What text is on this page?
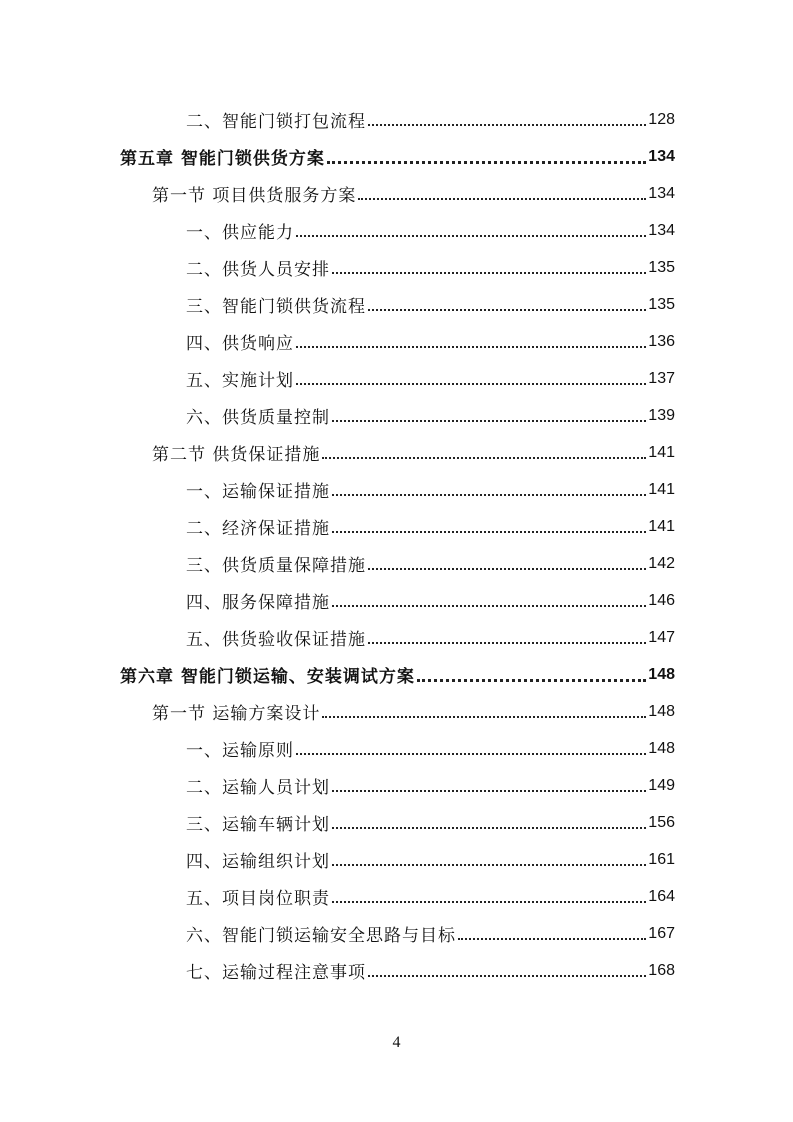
二、智能门锁打包流程	128
第五章 智能门锁供货方案	134
第一节 项目供货服务方案	134
一、供应能力	134
二、供货人员安排	135
三、智能门锁供货流程	135
四、供货响应	136
五、实施计划	137
六、供货质量控制	139
第二节 供货保证措施	141
一、运输保证措施	141
二、经济保证措施	141
三、供货质量保障措施	142
四、服务保障措施	146
五、供货验收保证措施	147
第六章 智能门锁运输、安装调试方案	148
第一节 运输方案设计	148
一、运输原则	148
二、运输人员计划	149
三、运输车辆计划	156
四、运输组织计划	161
五、项目岗位职责	164
六、智能门锁运输安全思路与目标	167
七、运输过程注意事项	168
4
